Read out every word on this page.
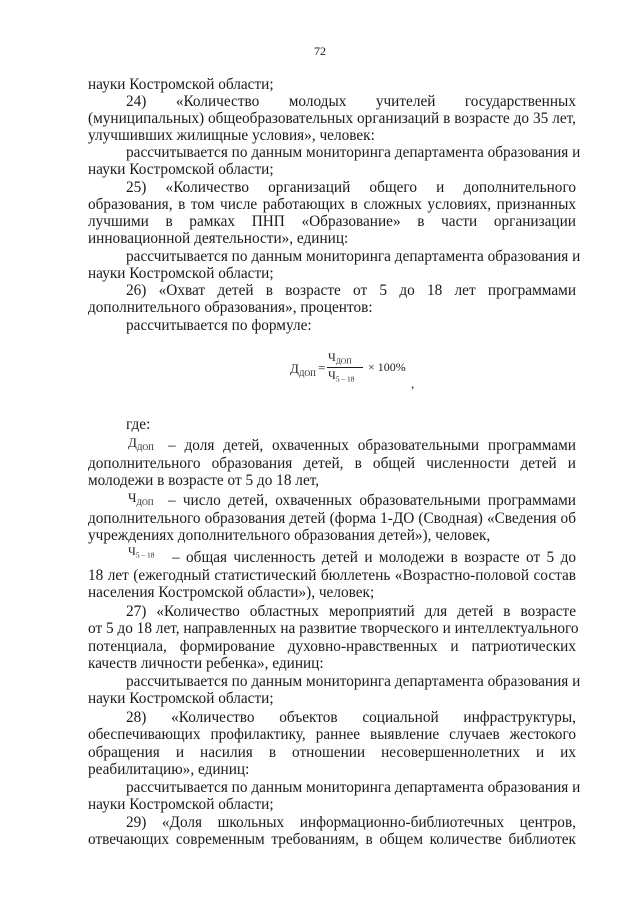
72
науки Костромской области;
24) «Количество молодых учителей государственных
(муниципальных) общеобразовательных организаций в возрасте до 35 лет,
улучшивших жилищные условия», человек:
рассчитывается по данным мониторинга департамента образования и
науки Костромской области;
25) «Количество организаций общего и дополнительного
образования, в том числе работающих в сложных условиях, признанных
лучшими в рамках ПНП «Образование» в части организации
инновационной деятельности», единиц:
рассчитывается по данным мониторинга департамента образования и
науки Костромской области;
26) «Охват детей в возрасте от 5 до 18 лет программами
дополнительного образования», процентов:
рассчитывается по формуле:
$Д_{ДОП}$ =
$Ч_{ДОП}$
$Ч_{5 - 18}$
× 100%
,
где:
$Д_{ДОП}$ – доля детей, охваченных образовательными программами
дополнительного образования детей, в общей численности детей и
молодежи в возрасте от 5 до 18 лет,
$Ч_{ДОП}$ – число детей, охваченных образовательными программами
дополнительного образования детей (форма 1-ДО (Сводная) «Сведения об
учреждениях дополнительного образования детей»), человек,
$Ч_{5 - 18}$ – общая численность детей и молодежи в возрасте от 5 до
18 лет (ежегодный статистический бюллетень «Возрастно-половой состав
населения Костромской области»), человек;
27) «Количество областных мероприятий для детей в возрасте
от 5 до 18 лет, направленных на развитие творческого и интеллектуального
потенциала, формирование духовно-нравственных и патриотических
качеств личности ребенка», единиц:
рассчитывается по данным мониторинга департамента образования и
науки Костромской области;
28) «Количество объектов социальной инфраструктуры,
обеспечивающих профилактику, раннее выявление случаев жестокого
обращения и насилия в отношении несовершеннолетних и их
реабилитацию», единиц:
рассчитывается по данным мониторинга департамента образования и
науки Костромской области;
29) «Доля школьных информационно-библиотечных центров,
отвечающих современным требованиям, в общем количестве библиотек
